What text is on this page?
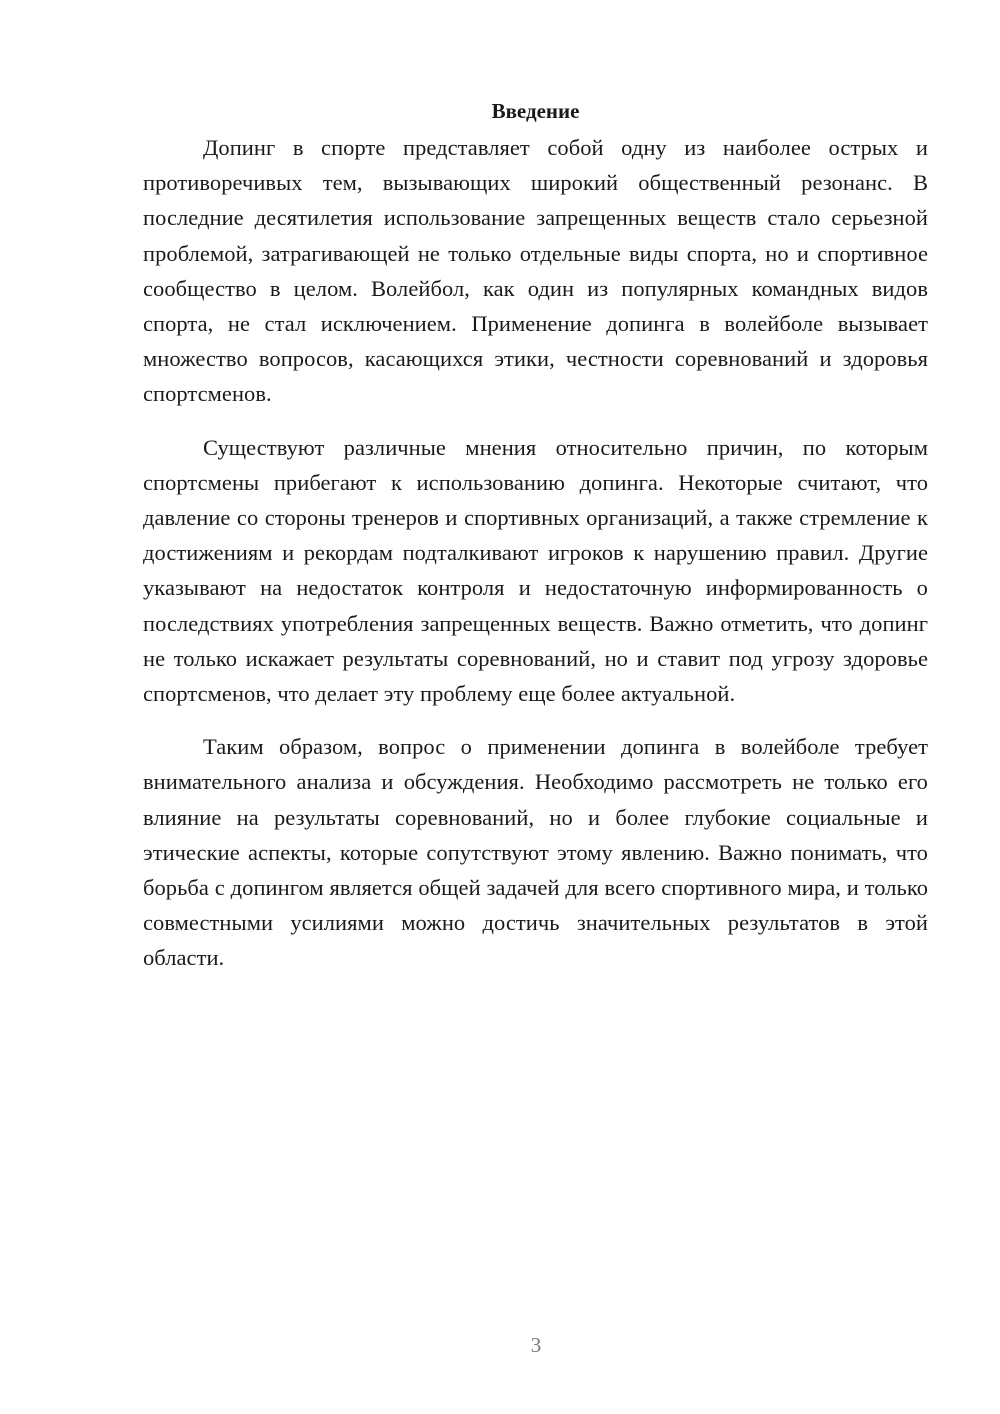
Введение

Допинг в спорте представляет собой одну из наиболее острых и противоречивых тем, вызывающих широкий общественный резонанс. В последние десятилетия использование запрещенных веществ стало серьезной проблемой, затрагивающей не только отдельные виды спорта, но и спортивное сообщество в целом. Волейбол, как один из популярных командных видов спорта, не стал исключением. Применение допинга в волейболе вызывает множество вопросов, касающихся этики, честности соревнований и здоровья спортсменов.

Существуют различные мнения относительно причин, по которым спортсмены прибегают к использованию допинга. Некоторые считают, что давление со стороны тренеров и спортивных организаций, а также стремление к достижениям и рекордам подталкивают игроков к нарушению правил. Другие указывают на недостаток контроля и недостаточную информированность о последствиях употребления запрещенных веществ. Важно отметить, что допинг не только искажает результаты соревнований, но и ставит под угрозу здоровье спортсменов, что делает эту проблему еще более актуальной.

Таким образом, вопрос о применении допинга в волейболе требует внимательного анализа и обсуждения. Необходимо рассмотреть не только его влияние на результаты соревнований, но и более глубокие социальные и этические аспекты, которые сопутствуют этому явлению. Важно понимать, что борьба с допингом является общей задачей для всего спортивного мира, и только совместными усилиями можно достичь значительных результатов в этой области.

3
